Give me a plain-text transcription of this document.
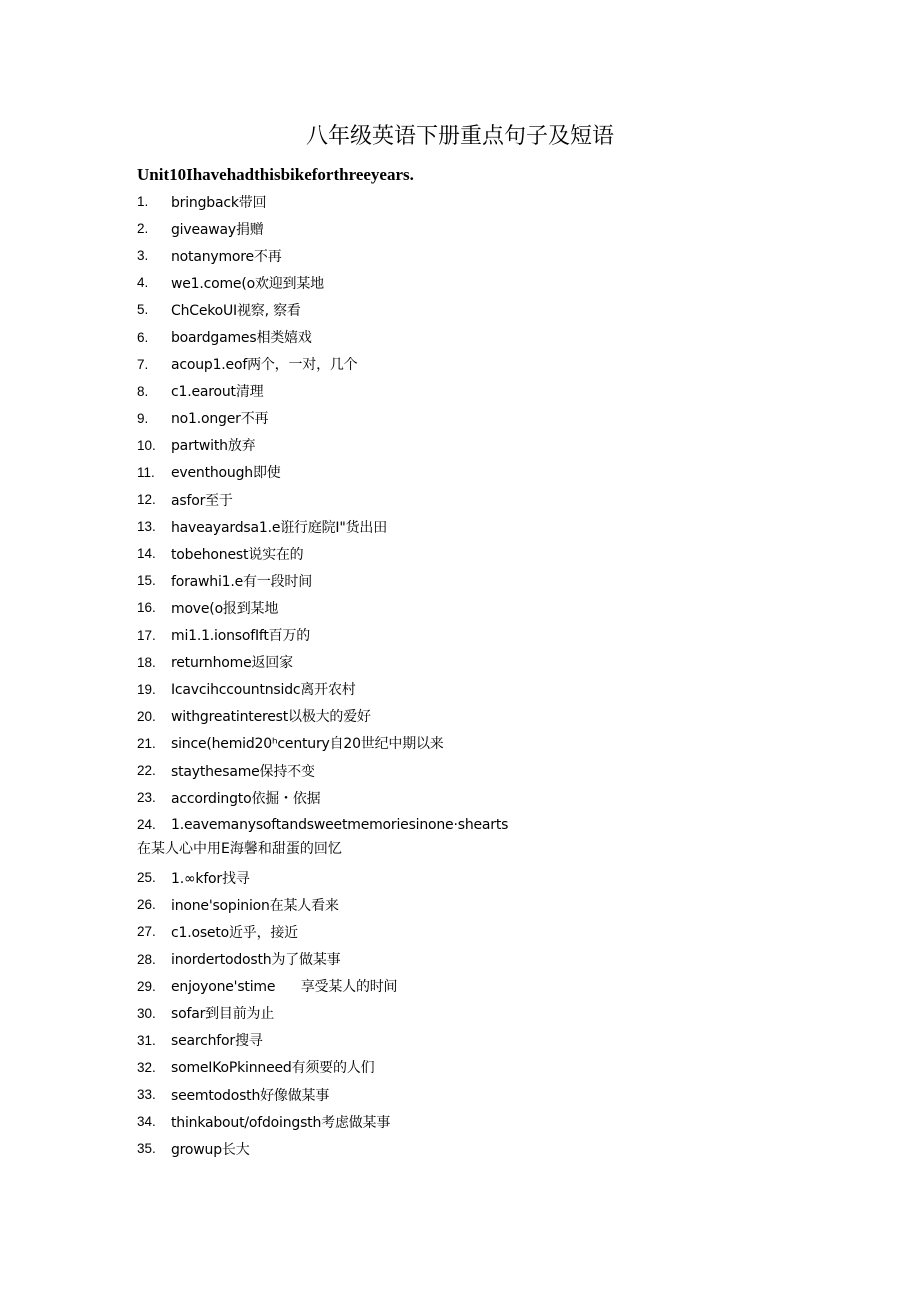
八年级英语下册重点句子及短语
Unit10Ihavehadthisbikeforthreeyears.
1.	bringback带回
2.	giveaway捐赠
3.	notanymore不再
4.	we1.come(o欢迎到某地
5.	ChCekoUI视察, 察看
6.	boardgames相类嬉戏
7.	acoup1.eof两个，一对，几个
8.	c1.earout清理
9.	no1.onger不再
10.	partwith放弃
11.	eventhough即使
12.	asfor至于
13.	haveayardsa1.e诳行庭院I"货出田
14.	tobehonest说实在的
15.	forawhi1.e有一段时间
16.	move(o报到某地
17.	mi1.1.ionsofIft百万的
18.	returnhome返回家
19.	Icavcihccountnsidc离开农村
20.	withgreatinterest以极大的爱好
21.	since(hemid20ʰcentury自20世纪中期以来
22.	staythesame保持不变
23.	accordingto依掘・依据
24.	1.eavemanysoftandsweetmemoriesinone·shearts
在某人心中用E海馨和甜蛋的回忆
25.	1.∞kfor找寻
26.	inone'sopinion在某人看来
27.	c1.oseto近乎，接近
28.	inordertodosth为了做某事
29.	enjoyone'stime      享受某人的时间
30.	sofar到目前为止
31.	searchfor搜寻
32.	someIKoPkinneed有须要的人们
33.	seemtodosth好像做某事
34.	thinkabout/ofdoingsth考虑做某事
35.	growup长大
